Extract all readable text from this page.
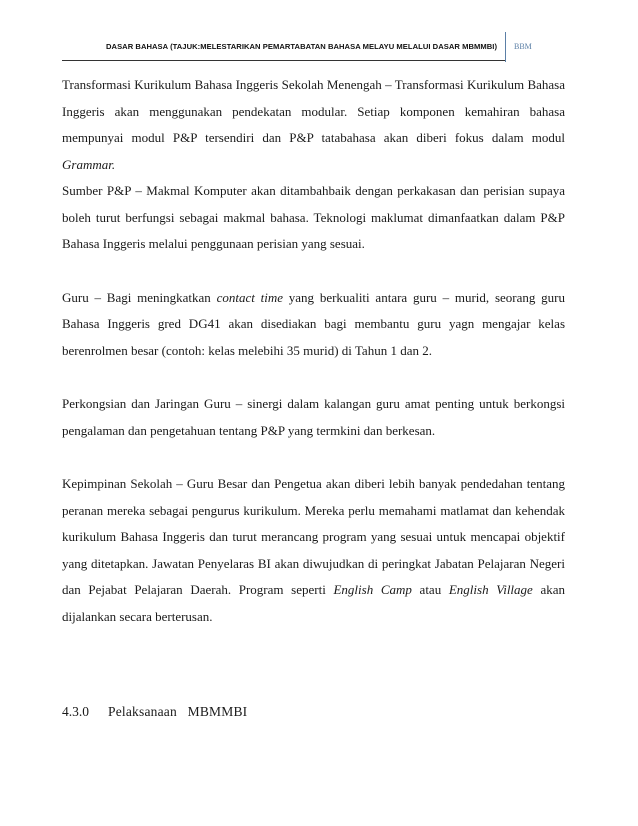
DASAR BAHASA (TAJUK:MELESTARIKAN PEMARTABATAN BAHASA MELAYU MELALUI DASAR MBMMBI) BBM

Transformasi Kurikulum Bahasa Inggeris Sekolah Menengah – Transformasi Kurikulum Bahasa Inggeris akan menggunakan pendekatan modular. Setiap komponen kemahiran bahasa mempunyai modul P&P tersendiri dan P&P tatabahasa akan diberi fokus dalam modul Grammar.

Sumber P&P – Makmal Komputer akan ditambahbaik dengan perkakasan dan perisian supaya boleh turut berfungsi sebagai makmal bahasa. Teknologi maklumat dimanfaatkan dalam P&P Bahasa Inggeris melalui penggunaan perisian yang sesuai.

Guru – Bagi meningkatkan contact time yang berkualiti antara guru – murid, seorang guru Bahasa Inggeris gred DG41 akan disediakan bagi membantu guru yagn mengajar kelas berenrolmen besar (contoh: kelas melebihi 35 murid) di Tahun 1 dan 2.

Perkongsian dan Jaringan Guru – sinergi dalam kalangan guru amat penting untuk berkongsi pengalaman dan pengetahuan tentang P&P yang termkini dan berkesan.

Kepimpinan Sekolah – Guru Besar dan Pengetua akan diberi lebih banyak pendedahan tentang peranan mereka sebagai pengurus kurikulum. Mereka perlu memahami matlamat dan kehendak kurikulum Bahasa Inggeris dan turut merancang program yang sesuai untuk mencapai objektif yang ditetapkan. Jawatan Penyelaras BI akan diwujudkan di peringkat Jabatan Pelajaran Negeri dan Pejabat Pelajaran Daerah. Program seperti English Camp atau English Village akan dijalankan secara berterusan.

4.3.0 Pelaksanaan   MBMMBI
